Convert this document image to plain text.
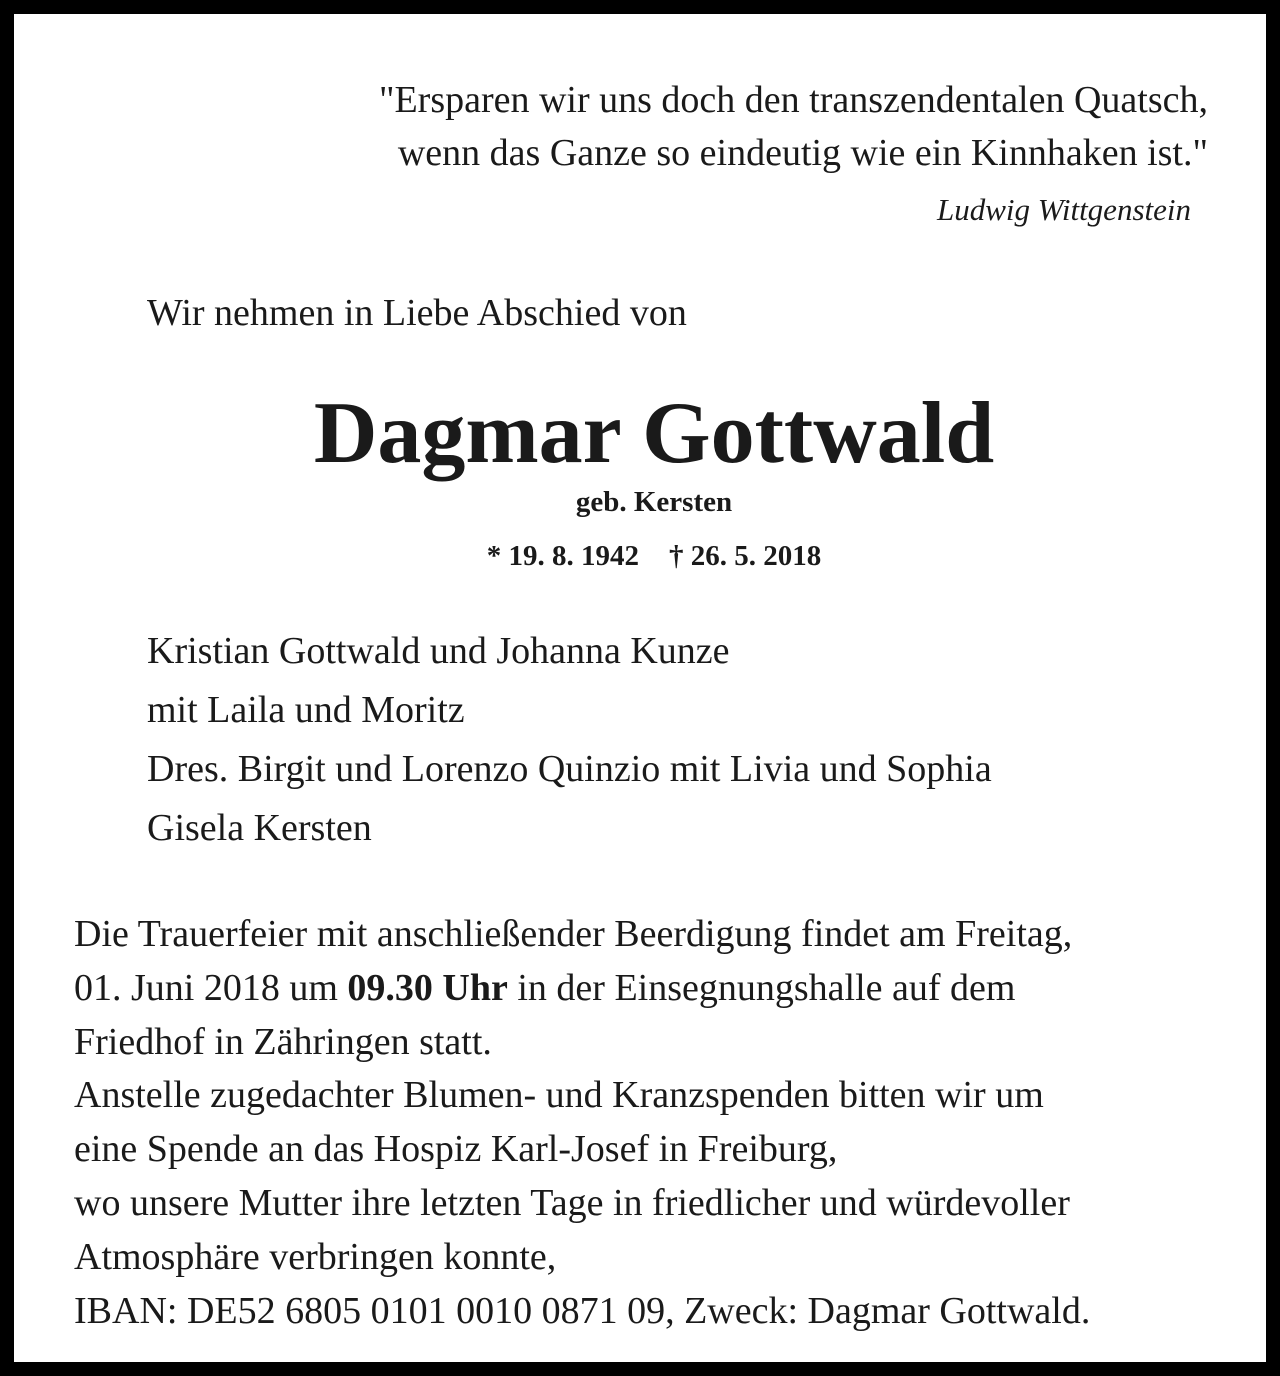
"Ersparen wir uns doch den transzendentalen Quatsch,
wenn das Ganze so eindeutig wie ein Kinnhaken ist."
Ludwig Wittgenstein
Wir nehmen in Liebe Abschied von
Dagmar Gottwald
geb. Kersten
* 19. 8. 1942 † 26. 5. 2018
Kristian Gottwald und Johanna Kunze
mit Laila und Moritz
Dres. Birgit und Lorenzo Quinzio mit Livia und Sophia
Gisela Kersten
Die Trauerfeier mit anschließender Beerdigung findet am Freitag,
01. Juni 2018 um 09.30 Uhr in der Einsegnungshalle auf dem
Friedhof in Zähringen statt.
Anstelle zugedachter Blumen- und Kranzspenden bitten wir um
eine Spende an das Hospiz Karl-Josef in Freiburg,
wo unsere Mutter ihre letzten Tage in friedlicher und würdevoller
Atmosphäre verbringen konnte,
IBAN: DE52 6805 0101 0010 0871 09, Zweck: Dagmar Gottwald.
